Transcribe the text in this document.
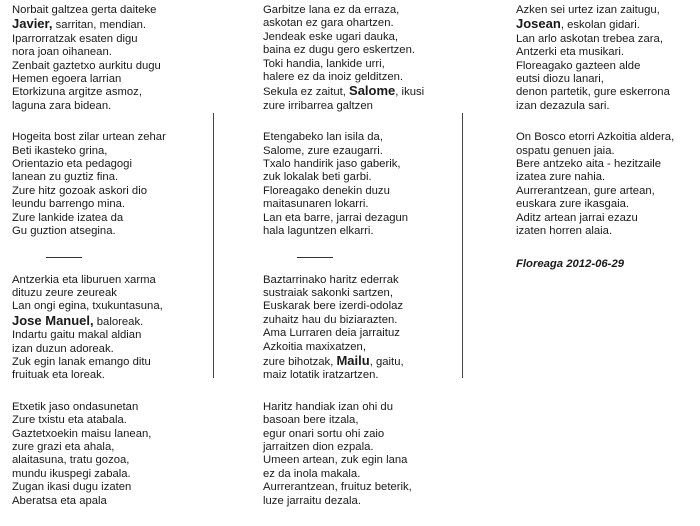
Norbait galtzea gerta daiteke
Javier, sarritan, mendian.
Iparrorratzak esaten digu
nora joan oihanean.
Zenbait gaztetxo aurkitu dugu
Hemen egoera larrian
Etorkizuna argitze asmoz,
laguna zara bidean.
Hogeita bost zilar urtean zehar
Beti ikasteko grina,
Orientazio eta pedagogi
lanean zu guztiz fina.
Zure hitz gozoak askori dio
leundu barrengo mina.
Zure lankide izatea da
Gu guztion atsegina.
Antzerkia eta liburuen xarma
dituzu zeure zeureak
Lan ongi egina, txukuntasuna,
Jose Manuel, baloreak.
Indartu gaitu makal aldian
izan duzun adoreak.
Zuk egin lanak emango ditu
fruituak eta loreak.
Etxetik jaso ondasunetan
Zure txistu eta atabala.
Gaztetxoekin maisu lanean,
zure grazi eta ahala,
alaitasuna, tratu gozoa,
mundu ikuspegi zabala.
Zugan ikasi dugu izaten
Aberatsa eta apala
Garbitze lana ez da erraza,
askotan ez gara ohartzen.
Jendeak eske ugari dauka,
baina ez dugu gero eskertzen.
Toki handia, lankide urri,
halere ez da inoiz gelditzen.
Sekula ez zaitut, Salome, ikusi
zure irribarrea galtzen
Etengabeko lan isila da,
Salome, zure ezaugarri.
Txalo handirik jaso gaberik,
zuk lokalak beti garbi.
Floreagako denekin duzu
maitasunaren lokarri.
Lan eta barre, jarrai dezagun
hala laguntzen elkarri.
Baztarrinako haritz ederrak
sustraiak sakonki sartzen,
Euskarak bere izerdi-odolaz
zuhaitz hau du biziarazten.
Ama Lurraren deia jarraituz
Azkoitia maxixatzen,
zure bihotzak, Mailu, gaitu,
maiz lotatik iratzartzen.
Haritz handiak izan ohi du
basoan bere itzala,
egur onari sortu ohi zaio
jarraitzen dion ezpala.
Umeen artean, zuk egin lana
ez da inola makala.
Aurrerantzean, fruituz beterik,
luze jarraitu dezala.
Azken sei urtez izan zaitugu,
Josean, eskolan gidari.
Lan arlo askotan trebea zara,
Antzerki eta musikari.
Floreagako gazteen alde
eutsi diozu lanari,
denon partetik, gure eskerrona
izan dezazula sari.
On Bosco etorri Azkoitia aldera,
ospatu genuen jaia.
Bere antzeko aita - hezitzaile
izatea zure nahia.
Aurrerantzean, gure artean,
euskara zure ikasgaia.
Aditz artean jarrai ezazu
izaten horren alaia.
Floreaga 2012-06-29
